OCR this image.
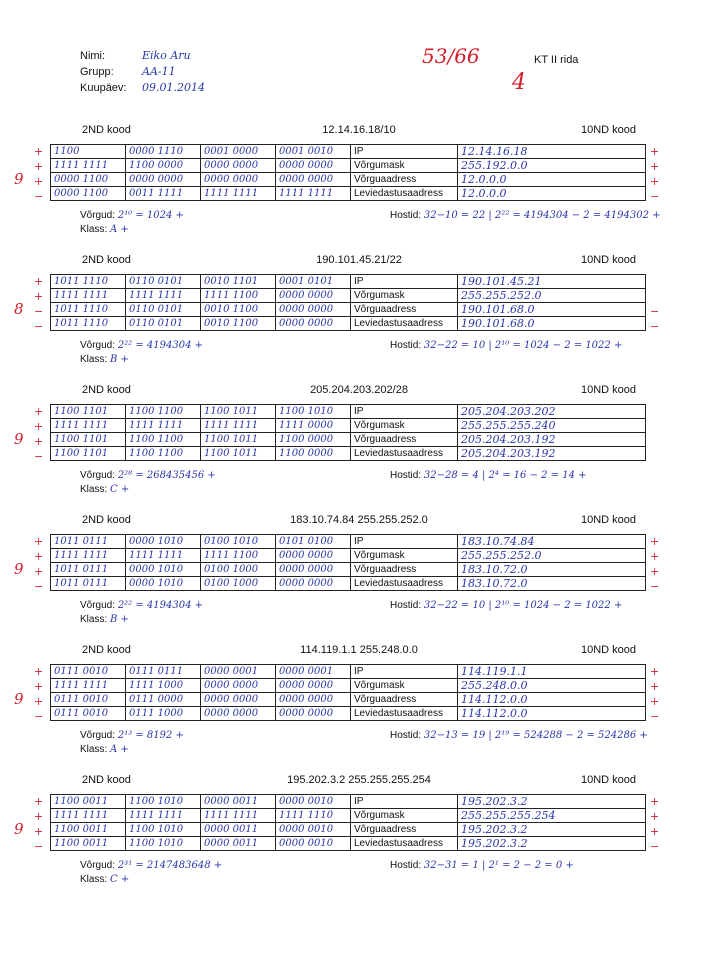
Nimi:	Eiko Aru
Grupp:	AA-11
Kuupäev:	09.01.2014
53/66
4
KT II rida
2ND kood	12.14.16.18/10	10ND kood
9
+
+
+
−
1100	0000 1110	0001 0000	0001 0010	IP	12.14.16.18
1111 1111	1100 0000	0000 0000	0000 0000	Võrgumask	255.192.0.0
0000 1100	0000 0000	0000 0000	0000 0000	Võrguaadress	12.0.0.0
0000 1100	0011 1111	1111 1111	1111 1111	Leviedastusaadress	12.0.0.0
+
+
+
−
Võrgud: 2¹⁰ = 1024 +	Hostid: 32−10 = 22 | 2²² = 4194304 − 2 = 4194302 +
Klass: A +
2ND kood	190.101.45.21/22	10ND kood
8
+
+
−
−
1011 1110	0110 0101	0010 1101	0001 0101	IP	190.101.45.21
1111 1111	1111 1111	1111 1100	0000 0000	Võrgumask	255.255.252.0
1011 1110	0110 0101	0010 1100	0000 0000	Võrguaadress	190.101.68.0
1011 1110	0110 0101	0010 1100	0000 0000	Leviedastusaadress	190.101.68.0
−
−
Võrgud: 2²² = 4194304 +	Hostid: 32−22 = 10 | 2¹⁰ = 1024 − 2 = 1022 +
Klass: B +
2ND kood	205.204.203.202/28	10ND kood
9
+
+
+
−
1100 1101	1100 1100	1100 1011	1100 1010	IP	205.204.203.202
1111 1111	1111 1111	1111 1111	1111 0000	Võrgumask	255.255.255.240
1100 1101	1100 1100	1100 1011	1100 0000	Võrguaadress	205.204.203.192
1100 1101	1100 1100	1100 1011	1100 0000	Leviedastusaadress	205.204.203.192
Võrgud: 2²⁸ = 268435456 +	Hostid: 32−28 = 4 | 2⁴ = 16 − 2 = 14 +
Klass: C +
2ND kood	183.10.74.84 255.255.252.0	10ND kood
9
+
+
+
−
1011 0111	0000 1010	0100 1010	0101 0100	IP	183.10.74.84
1111 1111	1111 1111	1111 1100	0000 0000	Võrgumask	255.255.252.0
1011 0111	0000 1010	0100 1000	0000 0000	Võrguaadress	183.10.72.0
1011 0111	0000 1010	0100 1000	0000 0000	Leviedastusaadress	183.10.72.0
+
+
+
−
Võrgud: 2²² = 4194304 +	Hostid: 32−22 = 10 | 2¹⁰ = 1024 − 2 = 1022 +
Klass: B +
2ND kood	114.119.1.1 255.248.0.0	10ND kood
9
+
+
+
−
0111 0010	0111 0111	0000 0001	0000 0001	IP	114.119.1.1
1111 1111	1111 1000	0000 0000	0000 0000	Võrgumask	255.248.0.0
0111 0010	0111 0000	0000 0000	0000 0000	Võrguaadress	114.112.0.0
0111 0010	0111 1000	0000 0000	0000 0000	Leviedastusaadress	114.112.0.0
+
+
+
−
Võrgud: 2¹³ = 8192 +	Hostid: 32−13 = 19 | 2¹⁹ = 524288 − 2 = 524286 +
Klass: A +
2ND kood	195.202.3.2 255.255.255.254	10ND kood
9
+
+
+
−
1100 0011	1100 1010	0000 0011	0000 0010	IP	195.202.3.2
1111 1111	1111 1111	1111 1111	1111 1110	Võrgumask	255.255.255.254
1100 0011	1100 1010	0000 0011	0000 0010	Võrguaadress	195.202.3.2
1100 0011	1100 1010	0000 0011	0000 0010	Leviedastusaadress	195.202.3.2
+
+
+
−
Võrgud: 2³¹ = 2147483648 +	Hostid: 32−31 = 1 | 2¹ = 2 − 2 = 0 +
Klass: C +
